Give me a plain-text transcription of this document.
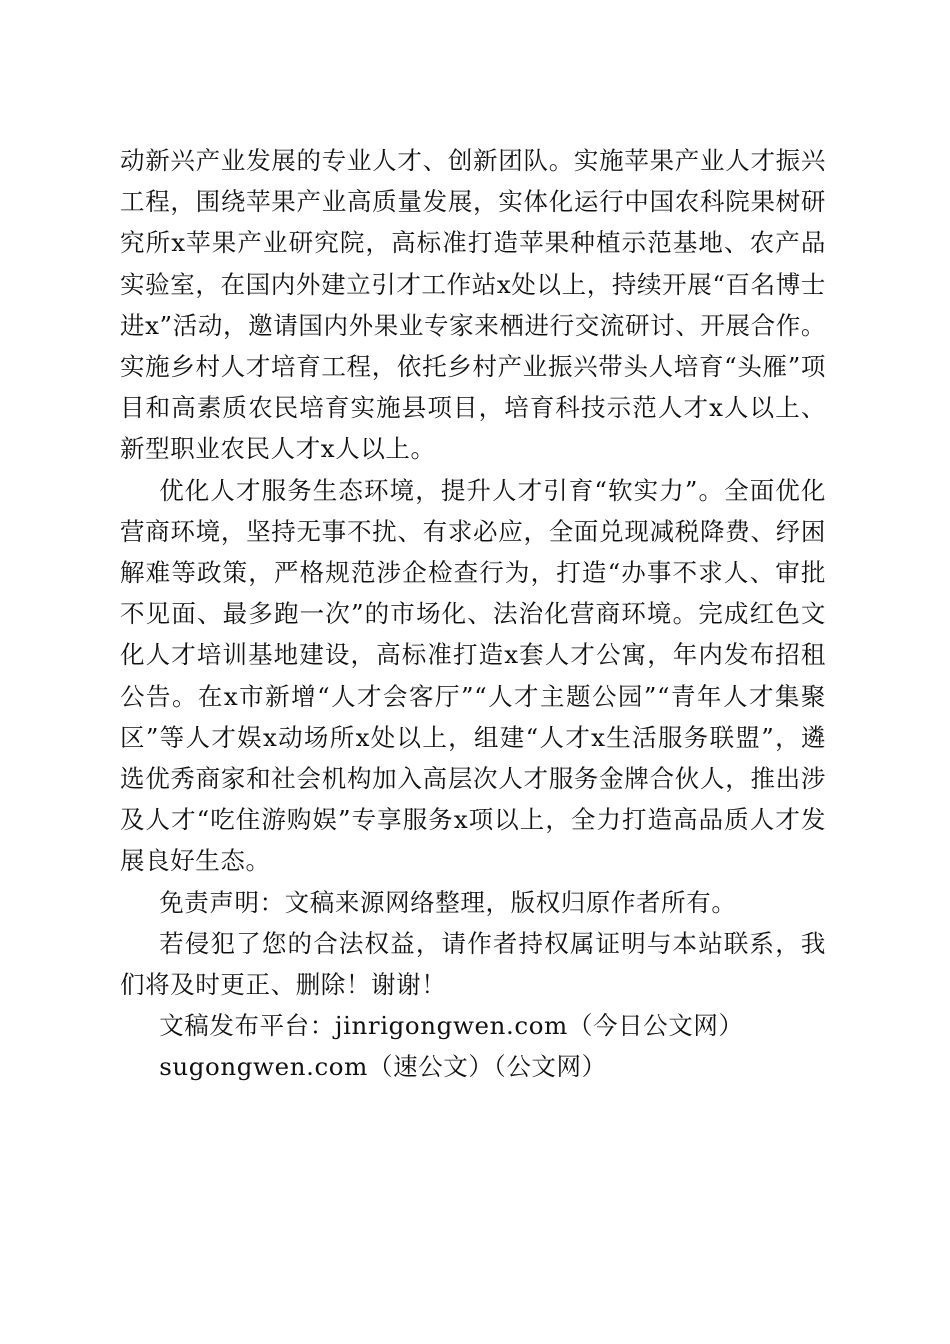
动新兴产业发展的专业人才、创新团队。实施苹果产业人才振兴工程，围绕苹果产业高质量发展，实体化运行中国农科院果树研究所x苹果产业研究院，高标准打造苹果种植示范基地、农产品实验室，在国内外建立引才工作站x处以上，持续开展“百名博士进x”活动，邀请国内外果业专家来栖进行交流研讨、开展合作。实施乡村人才培育工程，依托乡村产业振兴带头人培育“头雁”项目和高素质农民培育实施县项目，培育科技示范人才x人以上、新型职业农民人才x人以上。

优化人才服务生态环境，提升人才引育“软实力”。全面优化营商环境，坚持无事不扰、有求必应，全面兑现减税降费、纾困解难等政策，严格规范涉企检查行为，打造“办事不求人、审批不见面、最多跑一次”的市场化、法治化营商环境。完成红色文化人才培训基地建设，高标准打造x套人才公寓，年内发布招租公告。在x市新增“人才会客厅”“人才主题公园”“青年人才集聚区”等人才娱x动场所x处以上，组建“人才x生活服务联盟”，遴选优秀商家和社会机构加入高层次人才服务金牌合伙人，推出涉及人才“吃住游购娱”专享服务x项以上，全力打造高品质人才发展良好生态。

免责声明：文稿来源网络整理，版权归原作者所有。

若侵犯了您的合法权益，请作者持权属证明与本站联系，我们将及时更正、删除！谢谢！

文稿发布平台：jinrigongwen.com（今日公文网）

sugongwen.com（速公文）（公文网）
